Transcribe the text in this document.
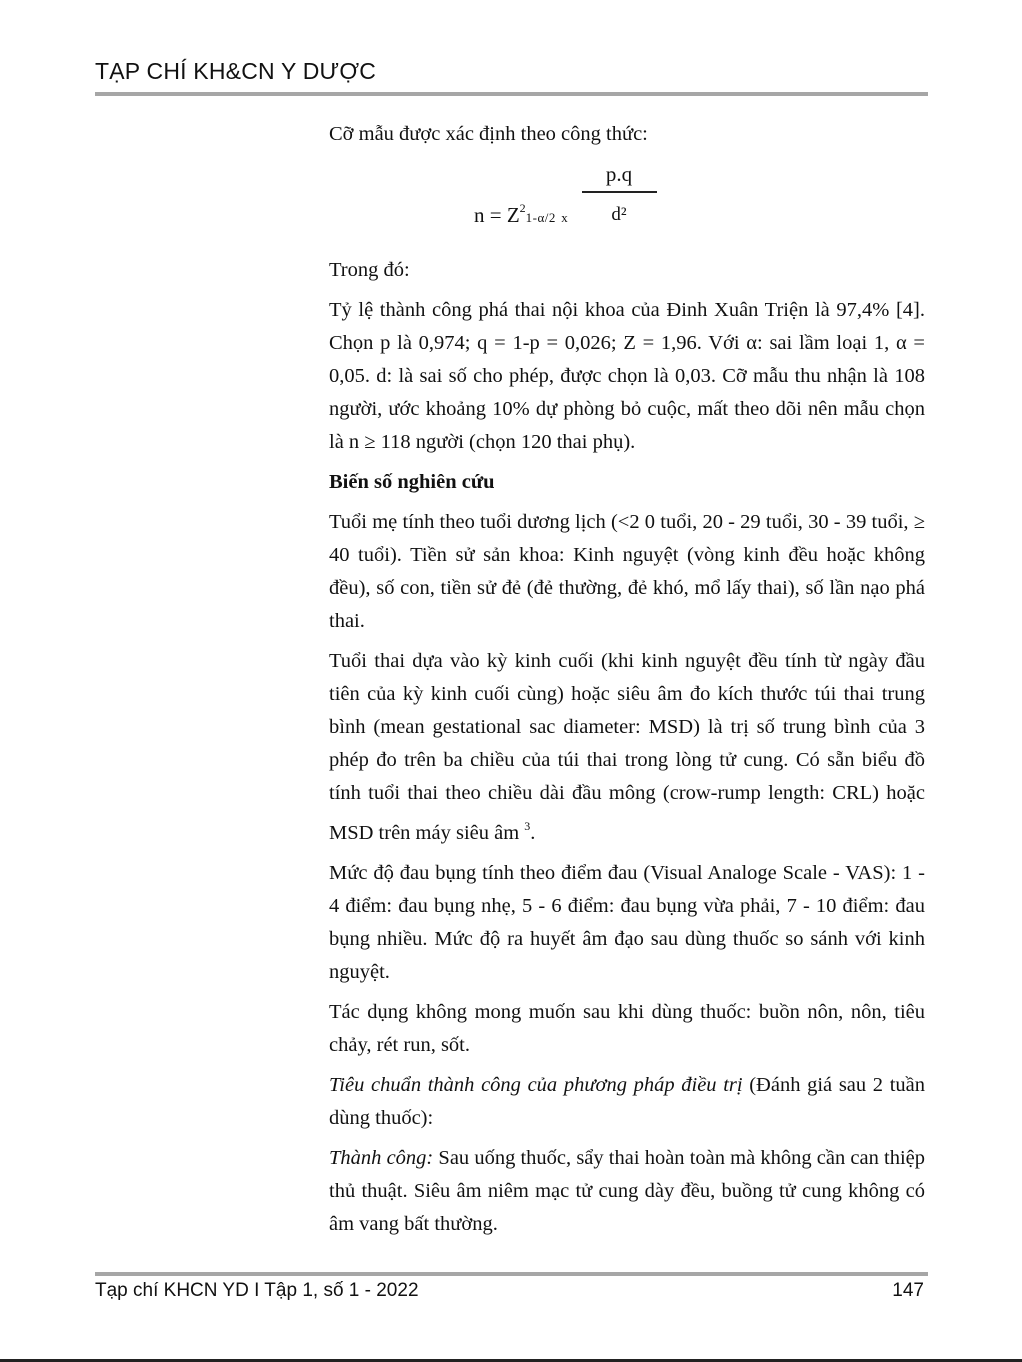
TẠP CHÍ KH&CN Y DƯỢC

Cỡ mẫu được xác định theo công thức:

$n = Z^21-\alpha/2$ x
p.q
d²

Trong đó:

Tỷ lệ thành công phá thai nội khoa của Đinh Xuân Triện là 97,4% [4]. Chọn p là 0,974; q = 1-p = 0,026; Z = 1,96. Với α: sai lầm loại 1, α = 0,05. d: là sai số cho phép, được chọn là 0,03. Cỡ mẫu thu nhận là 108 người, ước khoảng 10% dự phòng bỏ cuộc, mất theo dõi nên mẫu chọn là n ≥ 118 người (chọn 120 thai phụ).

Biến số nghiên cứu

Tuổi mẹ tính theo tuổi dương lịch (<2 0 tuổi, 20 - 29 tuổi, 30 - 39 tuổi, ≥ 40 tuổi). Tiền sử sản khoa: Kinh nguyệt (vòng kinh đều hoặc không đều), số con, tiền sử đẻ (đẻ thường, đẻ khó, mổ lấy thai), số lần nạo phá thai.

Tuổi thai dựa vào kỳ kinh cuối (khi kinh nguyệt đều tính từ ngày đầu tiên của kỳ kinh cuối cùng) hoặc siêu âm đo kích thước túi thai trung bình (mean gestational sac diameter: MSD) là trị số trung bình của 3 phép đo trên ba chiều của túi thai trong lòng tử cung. Có sẵn biểu đồ tính tuổi thai theo chiều dài đầu mông (crow-rump length: CRL) hoặc MSD trên máy siêu âm $^3$.

Mức độ đau bụng tính theo điểm đau (Visual Analoge Scale - VAS): 1 - 4 điểm: đau bụng nhẹ, 5 - 6 điểm: đau bụng vừa phải, 7 - 10 điểm: đau bụng nhiều. Mức độ ra huyết âm đạo sau dùng thuốc so sánh với kinh nguyệt.

Tác dụng không mong muốn sau khi dùng thuốc: buồn nôn, nôn, tiêu chảy, rét run, sốt.

Tiêu chuẩn thành công của phương pháp điều trị (Đánh giá sau 2 tuần dùng thuốc):

Thành công: Sau uống thuốc, sẩy thai hoàn toàn mà không cần can thiệp thủ thuật. Siêu âm niêm mạc tử cung dày đều, buồng tử cung không có âm vang bất thường.

Tạp chí KHCN YD I Tập 1, số 1 - 2022	147
